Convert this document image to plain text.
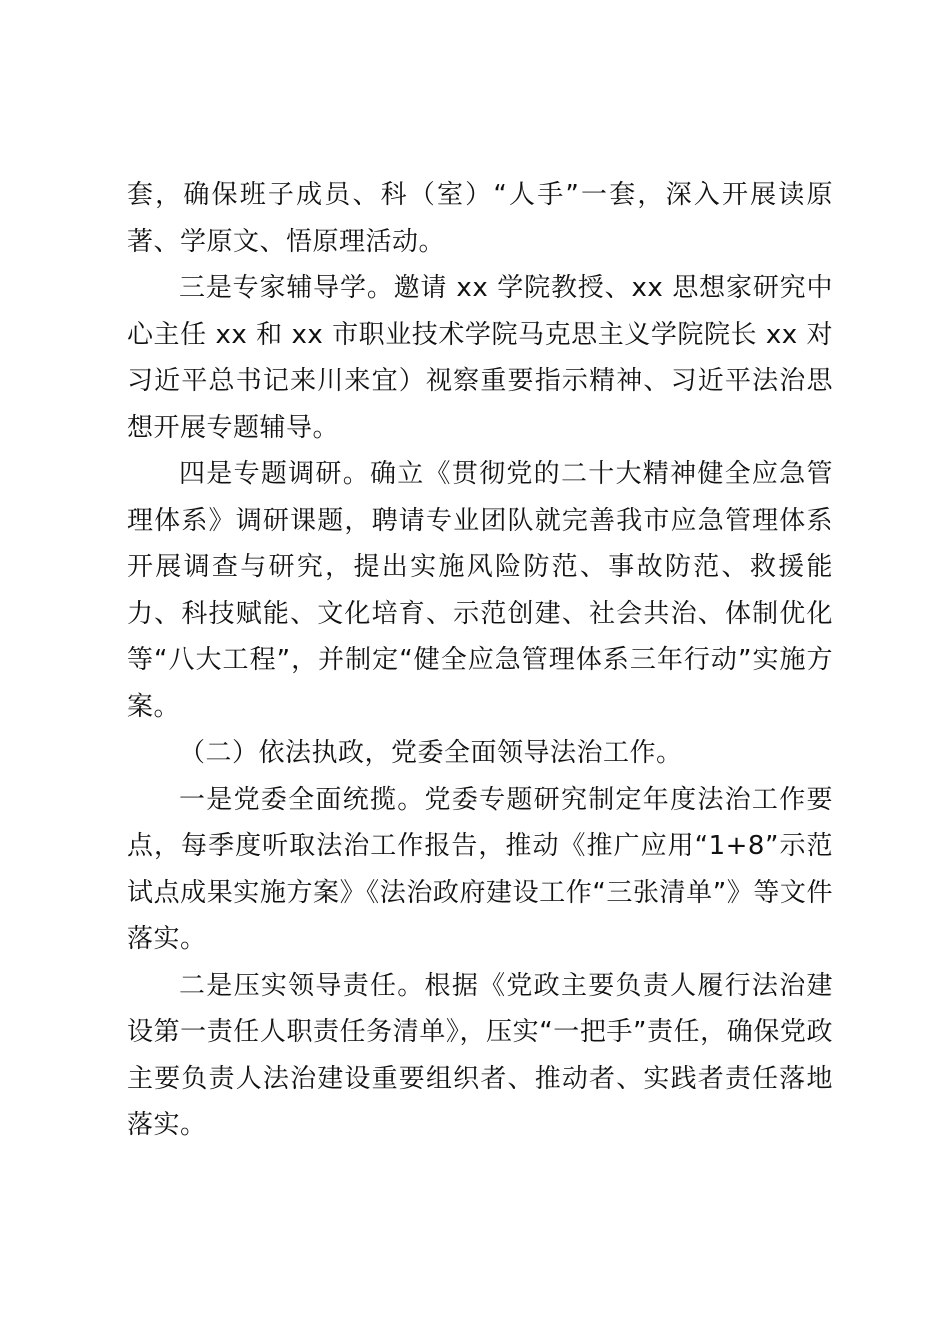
套，确保班子成员、科（室）“人手”一套，深入开展读原著、学原文、悟原理活动。

三是专家辅导学。邀请 xx 学院教授、xx 思想家研究中心主任 xx 和 xx 市职业技术学院马克思主义学院院长 xx 对习近平总书记来川来宜）视察重要指示精神、习近平法治思想开展专题辅导。

四是专题调研。确立《贯彻党的二十大精神健全应急管理体系》调研课题，聘请专业团队就完善我市应急管理体系开展调查与研究，提出实施风险防范、事故防范、救援能力、科技赋能、文化培育、示范创建、社会共治、体制优化等“八大工程”，并制定“健全应急管理体系三年行动”实施方案。

（二）依法执政，党委全面领导法治工作。

一是党委全面统揽。党委专题研究制定年度法治工作要点，每季度听取法治工作报告，推动《推广应用“1+8”示范试点成果实施方案》《法治政府建设工作“三张清单”》等文件落实。

二是压实领导责任。根据《党政主要负责人履行法治建设第一责任人职责任务清单》，压实“一把手”责任，确保党政主要负责人法治建设重要组织者、推动者、实践者责任落地落实。
